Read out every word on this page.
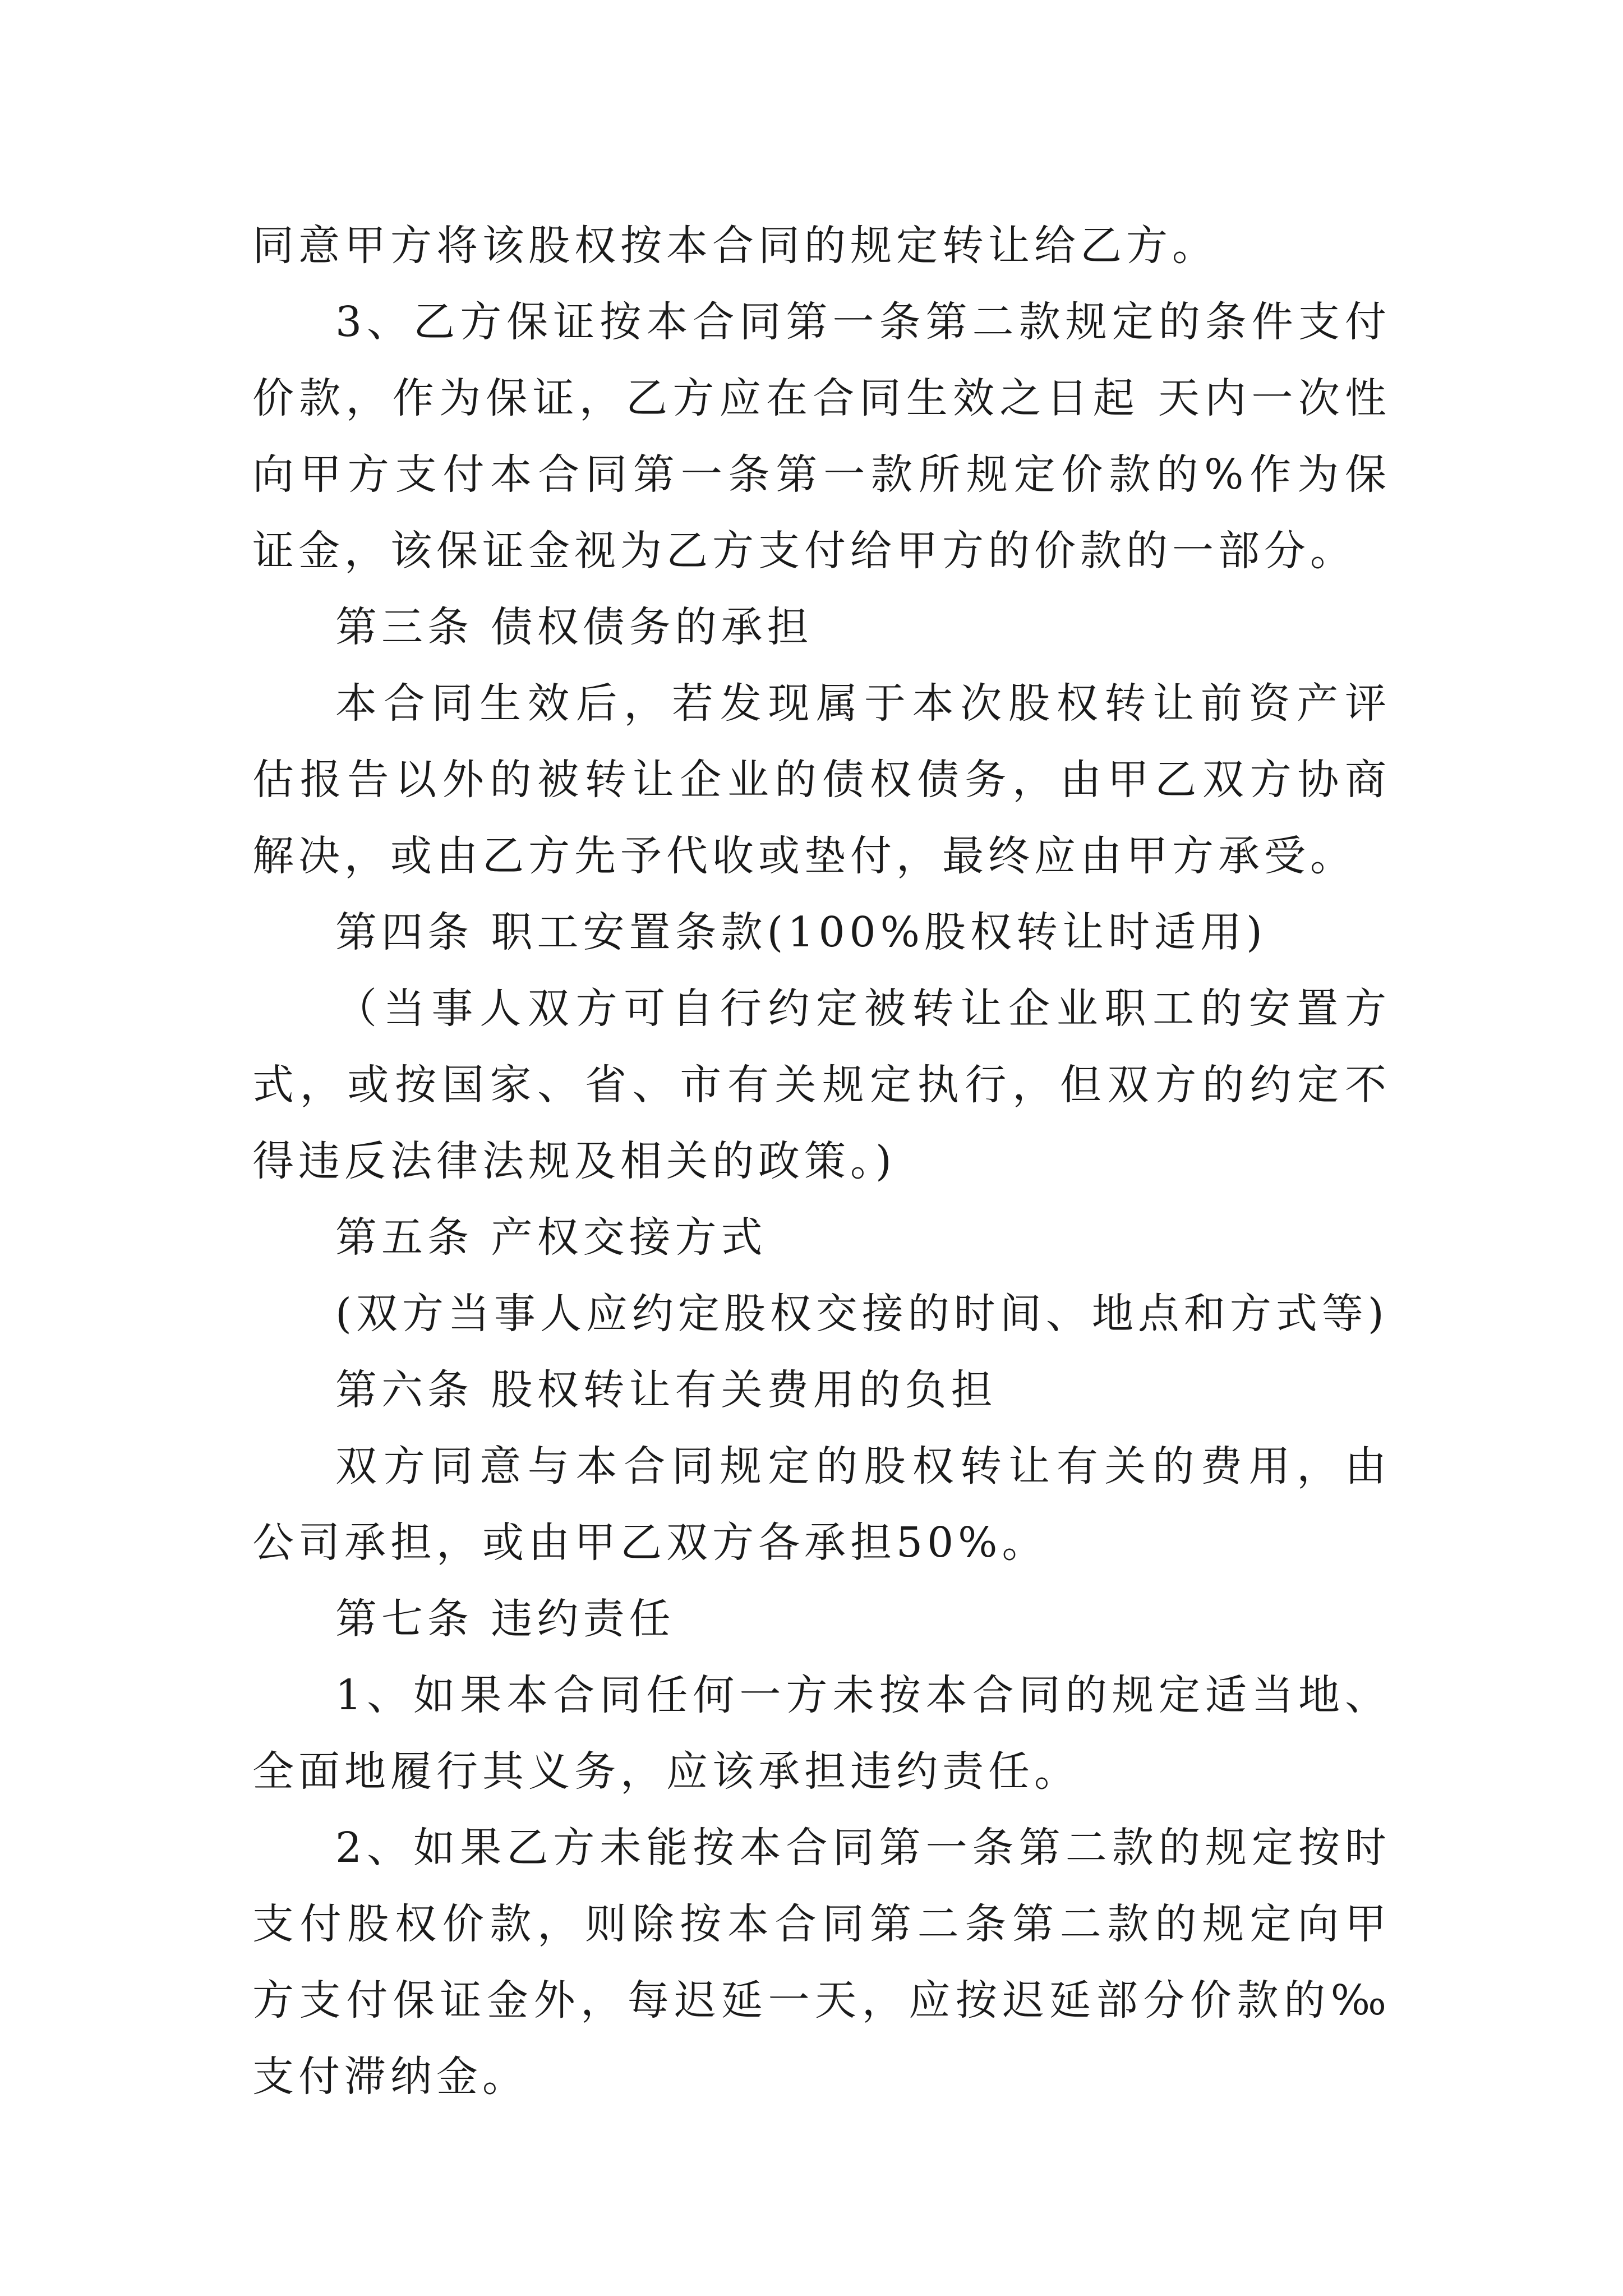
同意甲方将该股权按本合同的规定转让给乙方。

3、乙方保证按本合同第一条第二款规定的条件支付价款，作为保证，乙方应在合同生效之日起 天内一次性向甲方支付本合同第一条第一款所规定价款的%作为保证金，该保证金视为乙方支付给甲方的价款的一部分。

第三条 债权债务的承担

本合同生效后，若发现属于本次股权转让前资产评估报告以外的被转让企业的债权债务，由甲乙双方协商解决，或由乙方先予代收或垫付，最终应由甲方承受。

第四条 职工安置条款(100%股权转让时适用)

（当事人双方可自行约定被转让企业职工的安置方式，或按国家、省、市有关规定执行，但双方的约定不得违反法律法规及相关的政策。)

第五条 产权交接方式

(双方当事人应约定股权交接的时间、地点和方式等)

第六条 股权转让有关费用的负担

双方同意与本合同规定的股权转让有关的费用，由 公司承担，或由甲乙双方各承担50%。

第七条 违约责任

1、如果本合同任何一方未按本合同的规定适当地、全面地履行其义务，应该承担违约责任。

2、如果乙方未能按本合同第一条第二款的规定按时支付股权价款，则除按本合同第二条第二款的规定向甲方支付保证金外，每迟延一天，应按迟延部分价款的‰支付滞纳金。
